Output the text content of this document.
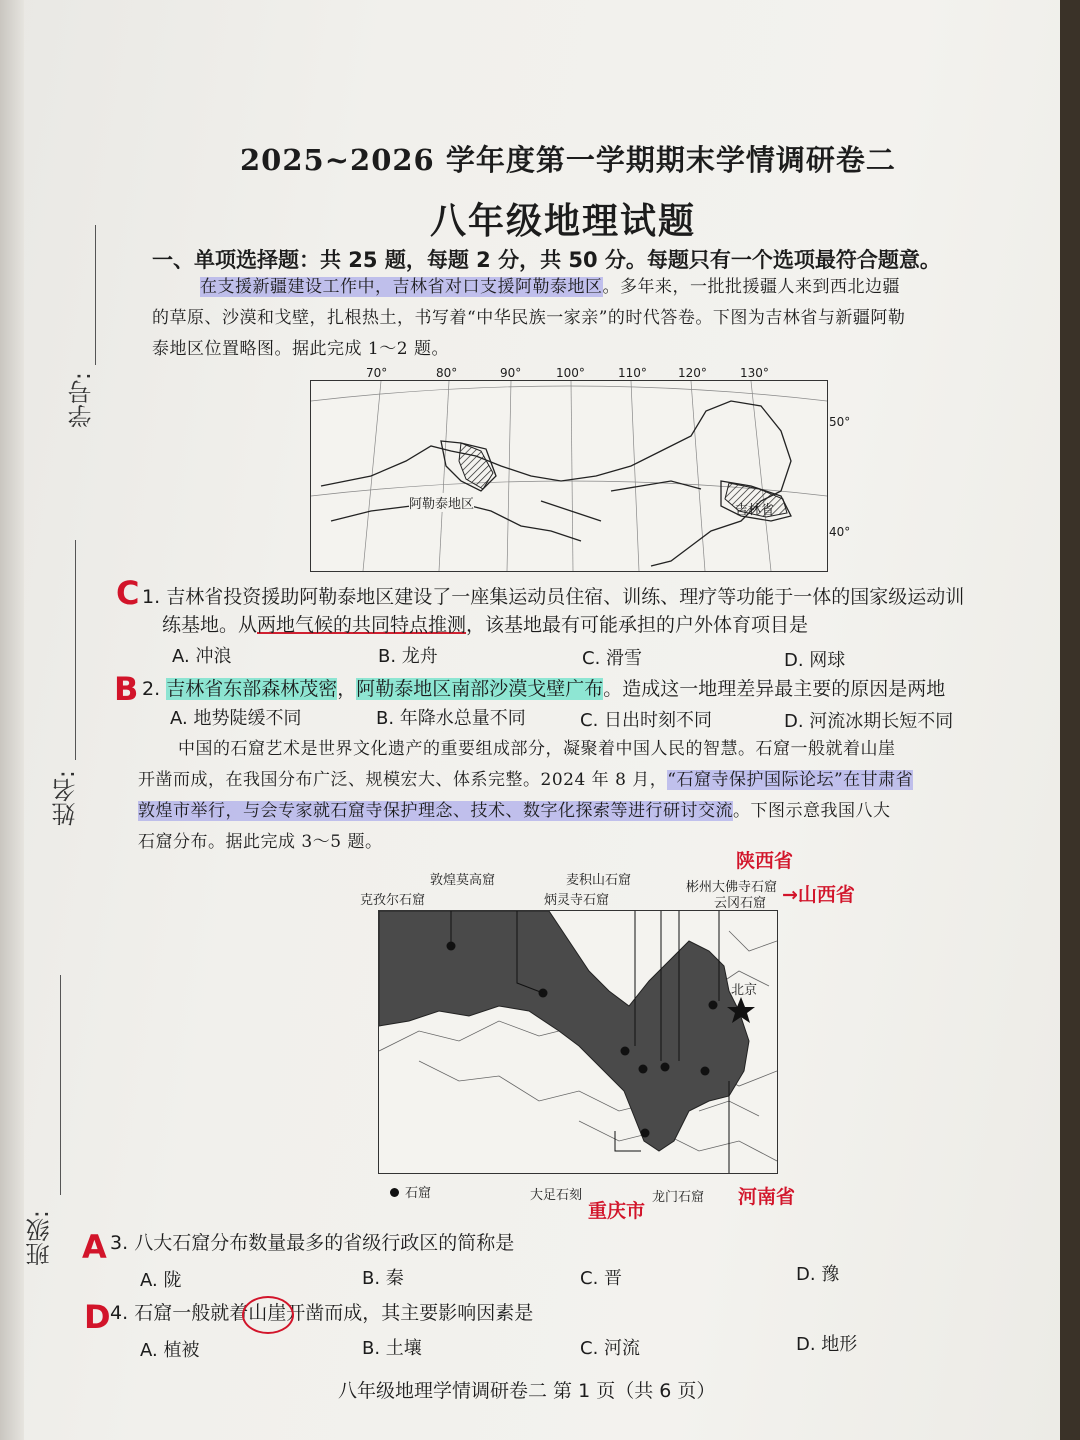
学号:
姓名:
班级:
2025~2026 学年度第一学期期末学情调研卷二
八年级地理试题
一、单项选择题：共 25 题，每题 2 分，共 50 分。每题只有一个选项最符合题意。

在支援新疆建设工作中，吉林省对口支援阿勒泰地区。多年来，一批批援疆人来到西北边疆

的草原、沙漠和戈壁，扎根热土，书写着“中华民族一家亲”的时代答卷。下图为吉林省与新疆阿勒

泰地区位置略图。据此完成 1～2 题。

阿勒泰地区	吉林省
50°
40°
70°	80°	90°	100°	110°	120°	130°
C 1. 吉林省投资援助阿勒泰地区建设了一座集运动员住宿、训练、理疗等功能于一体的国家级运动训
练基地。从两地气候的共同特点推测，该基地最有可能承担的户外体育项目是
A. 冲浪	B. 龙舟	C. 滑雪	D. 网球
B 2. 吉林省东部森林茂密，阿勒泰地区南部沙漠戈壁广布。造成这一地理差异最主要的原因是两地
A. 地势陡缓不同	B. 年降水总量不同	C. 日出时刻不同	D. 河流冰期长短不同

中国的石窟艺术是世界文化遗产的重要组成部分，凝聚着中国人民的智慧。石窟一般就着山崖

开凿而成，在我国分布广泛、规模宏大、体系完整。2024 年 8 月，“石窟寺保护国际论坛”在甘肃省

敦煌市举行，与会专家就石窟寺保护理念、技术、数字化探索等进行研讨交流。下图示意我国八大

石窟分布。据此完成 3～5 题。

北京
敦煌莫高窟
克孜尔石窟
麦积山石窟
炳灵寺石窟
彬州大佛寺石窟
云冈石窟
石窟	大足石刻	龙门石窟
陕西省
→山西省
重庆市
河南省
A 3. 八大石窟分布数量最多的省级行政区的简称是
A. 陇	B. 秦	C. 晋	D. 豫
D 4. 石窟一般就着山崖
开凿而成，其主要影响因素是
A. 植被	B. 土壤	C. 河流	D. 地形
八年级地理学情调研卷二 第 1 页（共 6 页）
